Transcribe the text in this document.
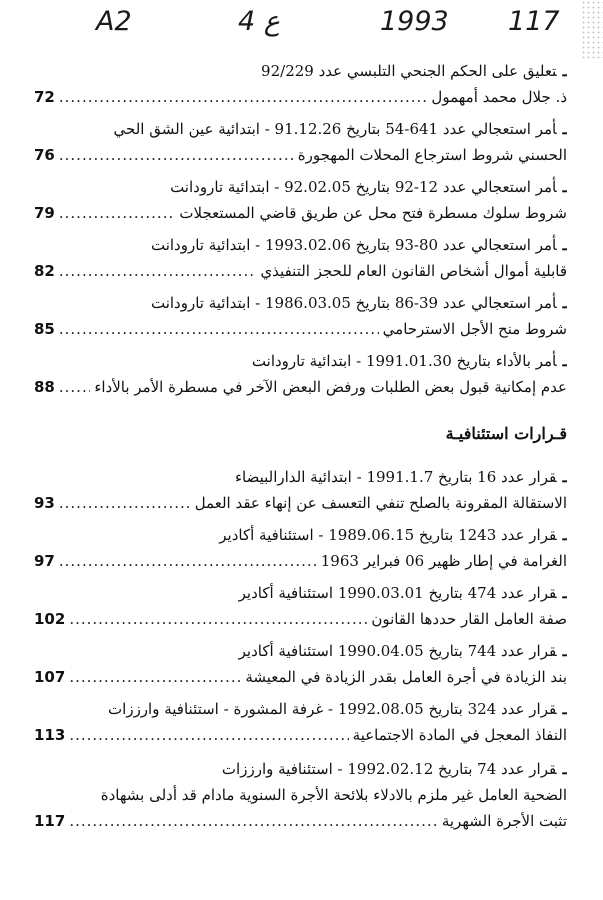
A2	4 ع	1993 117
ـتعليق على الحكم الجنحي التلبسي عدد 92/229
ذ. جلال محمد أمهمول
.....
72
ـأمر استعجالي عدد 641-54 بتاريخ 91.12.26 - ابتدائية عين الشق الحي
الحسني شروط استرجاع المحلات المهجورة
.....
76
ـأمر استعجالي عدد 12-92 بتاريخ 92.02.05 - ابتدائية تارودانت
شروط سلوك مسطرة فتح محل عن طريق قاضي المستعجلات
.....
79
ـأمر استعجالي عدد 80-93 بتاريخ 1993.02.06 - ابتدائية تارودانت
قابلية أموال أشخاص القانون العام للحجز التنفيذي
.....
82
ـأمر استعجالي عدد 39-86 بتاريخ 1986.03.05 - ابتدائية تارودانت
شروط منح الأجل الاسترحامي
.....
85
ـأمر بالأداء بتاريخ 1991.01.30 - ابتدائية تارودانت
عدم إمكانية قبول بعض الطلبات ورفض البعض الآخر في مسطرة الأمر بالأداء
.....
88
قـرارات استئنافيـة
ـقرار عدد 16 بتاريخ 1991.1.7 - ابتدائية الدارالبيضاء
الاستقالة المقرونة بالصلح تنفي التعسف عن إنهاء عقد العمل
.....
93
ـقرار عدد 1243 بتاريخ 1989.06.15 - استئنافية أكادير
الغرامة في إطار ظهير 06 فبراير 1963
.....
97
ـقرار عدد 474 بتاريخ 1990.03.01 استئنافية أكادير
صفة العامل القار حددها القانون
.....
102
ـقرار عدد 744 بتاريخ 1990.04.05 استئنافية أكادير
بند الزيادة في أجرة العامل بقدر الزيادة في المعيشة
.....
107
ـقرار عدد 324 بتاريخ 1992.08.05 - غرفة المشورة - استئنافية وارززات
النفاذ المعجل في المادة الاجتماعية
.....
113
ـقرار عدد 74 بتاريخ 1992.02.12 - استئنافية وارززات
الضحية العامل غير ملزم بالادلاء بلائحة الأجرة السنوية مادام قد أدلى بشهادة
تثبت الأجرة الشهرية
.....
117
